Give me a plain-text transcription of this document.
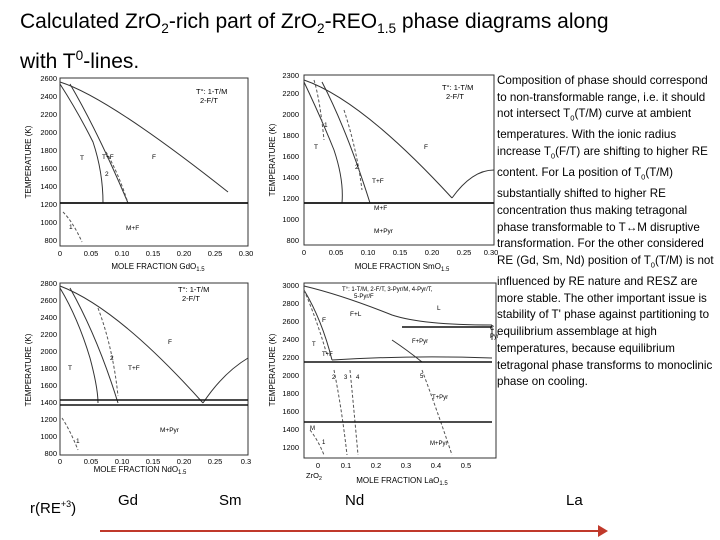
Calculated ZrO$_2$-rich part of $ZrO_2-REO_{1.5}$ phase diagrams along
with $T^0$-lines.
Composition of phase should correspond to non-transformable range, i.e. it should not intersect $T_0(T/M)$ curve at ambient temperatures. With the ionic radius increase $T_0(F/T)$ are shifting to higher RE content. For La position of $T_0(T/M)$ substantially shifted to higher RE concentration thus making tetragonal phase transformable to T↔M disruptive transformation. For the other considered RE (Gd, Sm, Nd) position of $T_0(T/M)$ is not influenced by RE nature and RESZ are more stable. The other important issue is stability of T' phase against partitioning to equilibrium assemblage at high temperatures, because equilibrium tetragonal phase transforms to monoclinic phase on cooling.
TEMPERATURE (K)
2600
2400
2200
2000
1800
1600
1400
1200
1000
800
0	0.05 0.10 0.15 0.20 0.25 0.30
MOLE FRACTION GdO$_{1.5}$
T°: 1-T/M
2-F/T
T	T+F	F
2
1	M+F
TEMPERATURE (K)
2300
2200
2000
1800
1600
1400
1200
1000
800
0	0.05 0.10 0.15 0.20 0.25 0.30
MOLE FRACTION SmO$_{1.5}$
T°: 1-T/M
2-F/T
T
T+F
F
1
2
M+F
M+Pyr
TEMPERATURE (K)
2800
2600
2400
2200
2000
1800
1600
1400
1200
1000
800
0	0.05 0.10 0.15 0.20 0.25 0.3
MOLE FRACTION NdO$_{1.5}$
T°: 1-T/M
2-F/T
T	T+F
F
2
1
M+Pyr
TEMPERATURE (K)
3000
2800
2600
2400
2200
2000
1800
1600
1400
1200
0	0.1	0.2	0.3	0.4	0.5
ZrO$_2$	MOLE FRACTION LaO$_{1.5}$
T°: 1-T/M, 2-F/T, 3-Pyr/M, 4-Pyr/T,
5-Pyr/F
L
F+L
F
C
Pyr
T+F
T	F+Pyr
T+Pyr
M+Pyr
M
1
2 3 4	5
$r(RE^{+3})$	Gd	Sm	Nd	La
